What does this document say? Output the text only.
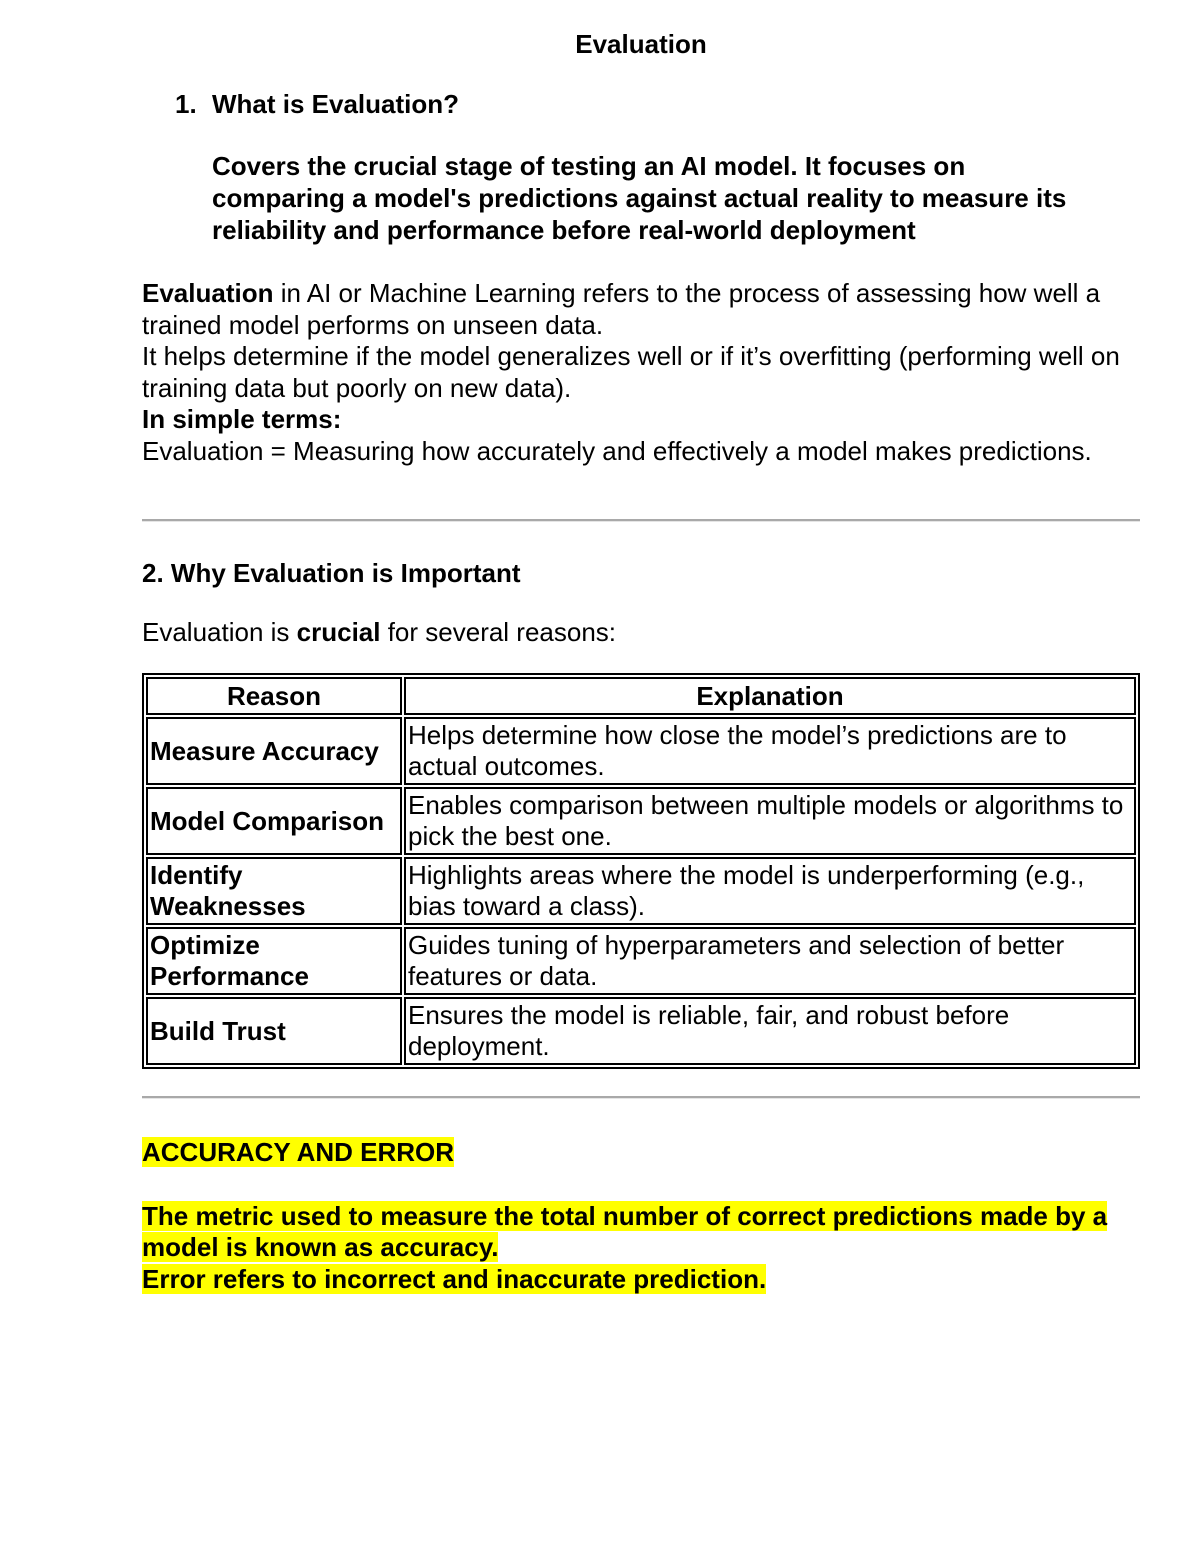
Evaluation
1. What is Evaluation?
Covers the crucial stage of testing an AI model. It focuses on comparing a model's predictions against actual reality to measure its reliability and performance before real-world deployment
Evaluation in AI or Machine Learning refers to the process of assessing how well a trained model performs on unseen data.
It helps determine if the model generalizes well or if it’s overfitting (performing well on training data but poorly on new data).
In simple terms:
Evaluation = Measuring how accurately and effectively a model makes predictions.
2. Why Evaluation is Important
Evaluation is crucial for several reasons:
Reason	Explanation
Measure Accuracy	Helps determine how close the model’s predictions are to actual outcomes.
Model Comparison	Enables comparison between multiple models or algorithms to pick the best one.
Identify Weaknesses	Highlights areas where the model is underperforming (e.g., bias toward a class).
Optimize Performance	Guides tuning of hyperparameters and selection of better features or data.
Build Trust	Ensures the model is reliable, fair, and robust before deployment.
ACCURACY AND ERROR
The metric used to measure the total number of correct predictions made by a model is known as accuracy.
Error refers to incorrect and inaccurate prediction.
